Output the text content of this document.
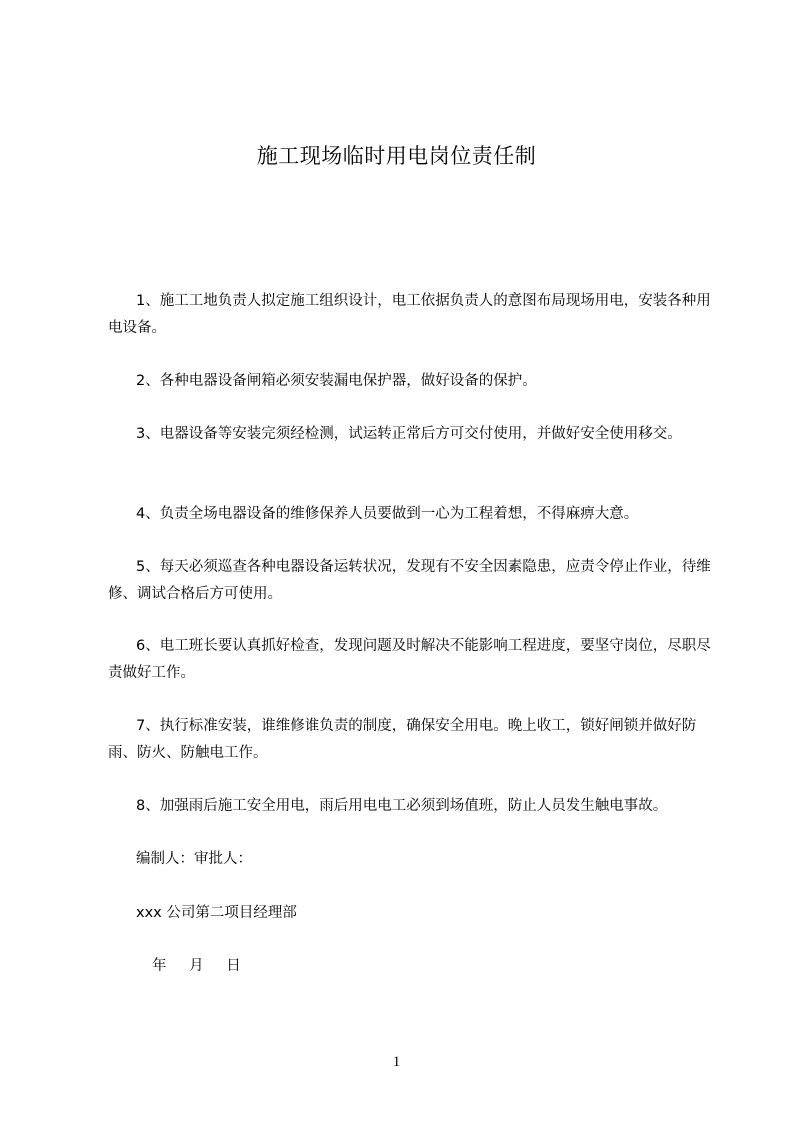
施工现场临时用电岗位责任制

1、施工工地负责人拟定施工组织设计，电工依据负责人的意图布局现场用电，安装各种用电设备。

2、各种电器设备闸箱必须安装漏电保护器，做好设备的保护。

3、电器设备等安装完须经检测，试运转正常后方可交付使用，并做好安全使用移交。

4、负责全场电器设备的维修保养人员要做到一心为工程着想，不得麻痹大意。

5、每天必须巡查各种电器设备运转状况，发现有不安全因素隐患，应责令停止作业，待维修、调试合格后方可使用。

6、电工班长要认真抓好检查，发现问题及时解决不能影响工程进度，要坚守岗位，尽职尽责做好工作。

7、执行标准安装，谁维修谁负责的制度，确保安全用电。晚上收工，锁好闸锁并做好防雨、防火、防触电工作。

8、加强雨后施工安全用电，雨后用电电工必须到场值班，防止人员发生触电事故。

编制人：审批人：

xxx 公司第二项目经理部

年 月 日

1
